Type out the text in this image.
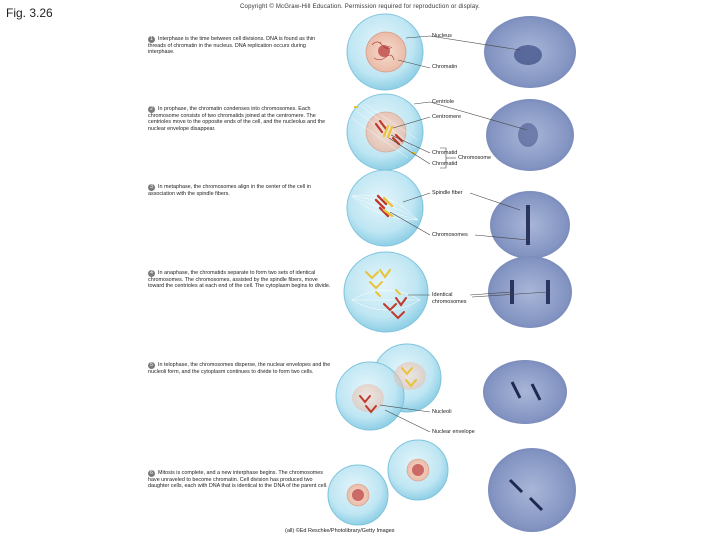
Fig. 3.26	Copyright © McGraw-Hill Education. Permission required for reproduction or display.
1 Interphase is the time between cell divisions. DNA is found as thin threads of chromatin in the nucleus. DNA replication occurs during interphase.
2 In prophase, the chromatin condenses into chromosomes. Each chromosome consists of two chromatids joined at the centromere. The centrioles move to the opposite ends of the cell, and the nucleolus and the nuclear envelope disappear.
3 In metaphase, the chromosomes align in the center of the cell in association with the spindle fibers.
4 In anaphase, the chromatids separate to form two sets of identical chromosomes. The chromosomes, assisted by the spindle fibers, move toward the centrioles at each end of the cell. The cytoplasm begins to divide.
5 In telophase, the chromosomes disperse, the nuclear envelopes and the nucleoli form, and the cytoplasm continues to divide to form two cells.
6 Mitosis is complete, and a new interphase begins. The chromosomes have unraveled to become chromatin. Cell division has produced two daughter cells, each with DNA that is identical to the DNA of the parent cell.
Nucleus
Chromatin
Centriole
Centromere
Chromatid
Chromatid
Chromosome
Spindle fiber
Chromosomes
Identical
chromosomes
Nucleoli
Nuclear envelope
(all) ©Ed Reschke/Photolibrary/Getty Images
